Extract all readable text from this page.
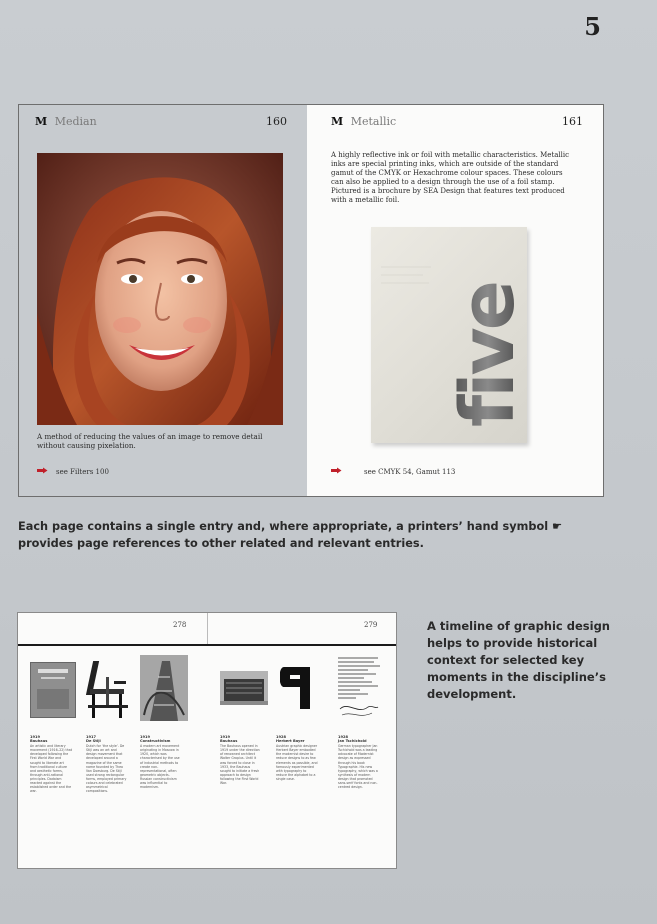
5
M Median	160
A method of reducing the values of an image to remove detail without causing pixelation.
see Filters 100
M Metallic	161
A highly reflective ink or foil with metallic characteristics. Metallic inks are special printing inks, which are outside of the standard gamut of the CMYK or Hexachrome colour spaces. These colours can also be applied to a design through the use of a foil stamp. Pictured is a brochure by SEA Design that features text produced with a metallic foil.
five
see CMYK 54, Gamut 113
Each page contains a single entry and, where appropriate, a printers’ hand symbol ☛ provides page references to other related and relevant entries.
278	279
1919
Bauhaus
An artistic and literary movement (1916–22) that developed following the First World War and sought to liberate art from traditional culture and aesthetic forms, through anti-rational principles. Dadaism reacted against the established order and the war.
1917
De Stijl
Dutch for ‘the style’. De Stijl was an art and design movement that developed around a magazine of the same name founded by Theo Van Doesburg. De Stijl used strong rectangular forms, employed primary colours and celebrated asymmetrical compositions.
1919
Constructivism
A modern art movement originating in Moscow in 1920, which was characterised by the use of industrial methods to create non-representational, often geometric objects. Russian constructivism was influential to modernism.
1919
Bauhaus
The Bauhaus opened in 1919 under the direction of renowned architect Walter Gropius. Until it was forced to close in 1933, the Bauhaus sought to initiate a fresh approach to design following the First World War.
1928
Herbert Bayer
Austrian graphic designer Herbert Bayer embodied the modernist desire to reduce designs to as few elements as possible, and famously experimented with typography to reduce the alphabet to a single case.
1928
Jan Tschichold
German typographer Jan Tschichold was a leading advocate of Modernist design as expressed through his book Typographie. His new typography, which was a synthesis of modern design that promoted sans-serif fonts and non-centred design.
A timeline of graphic design helps to provide historical context for selected key moments in the discipline’s development.
